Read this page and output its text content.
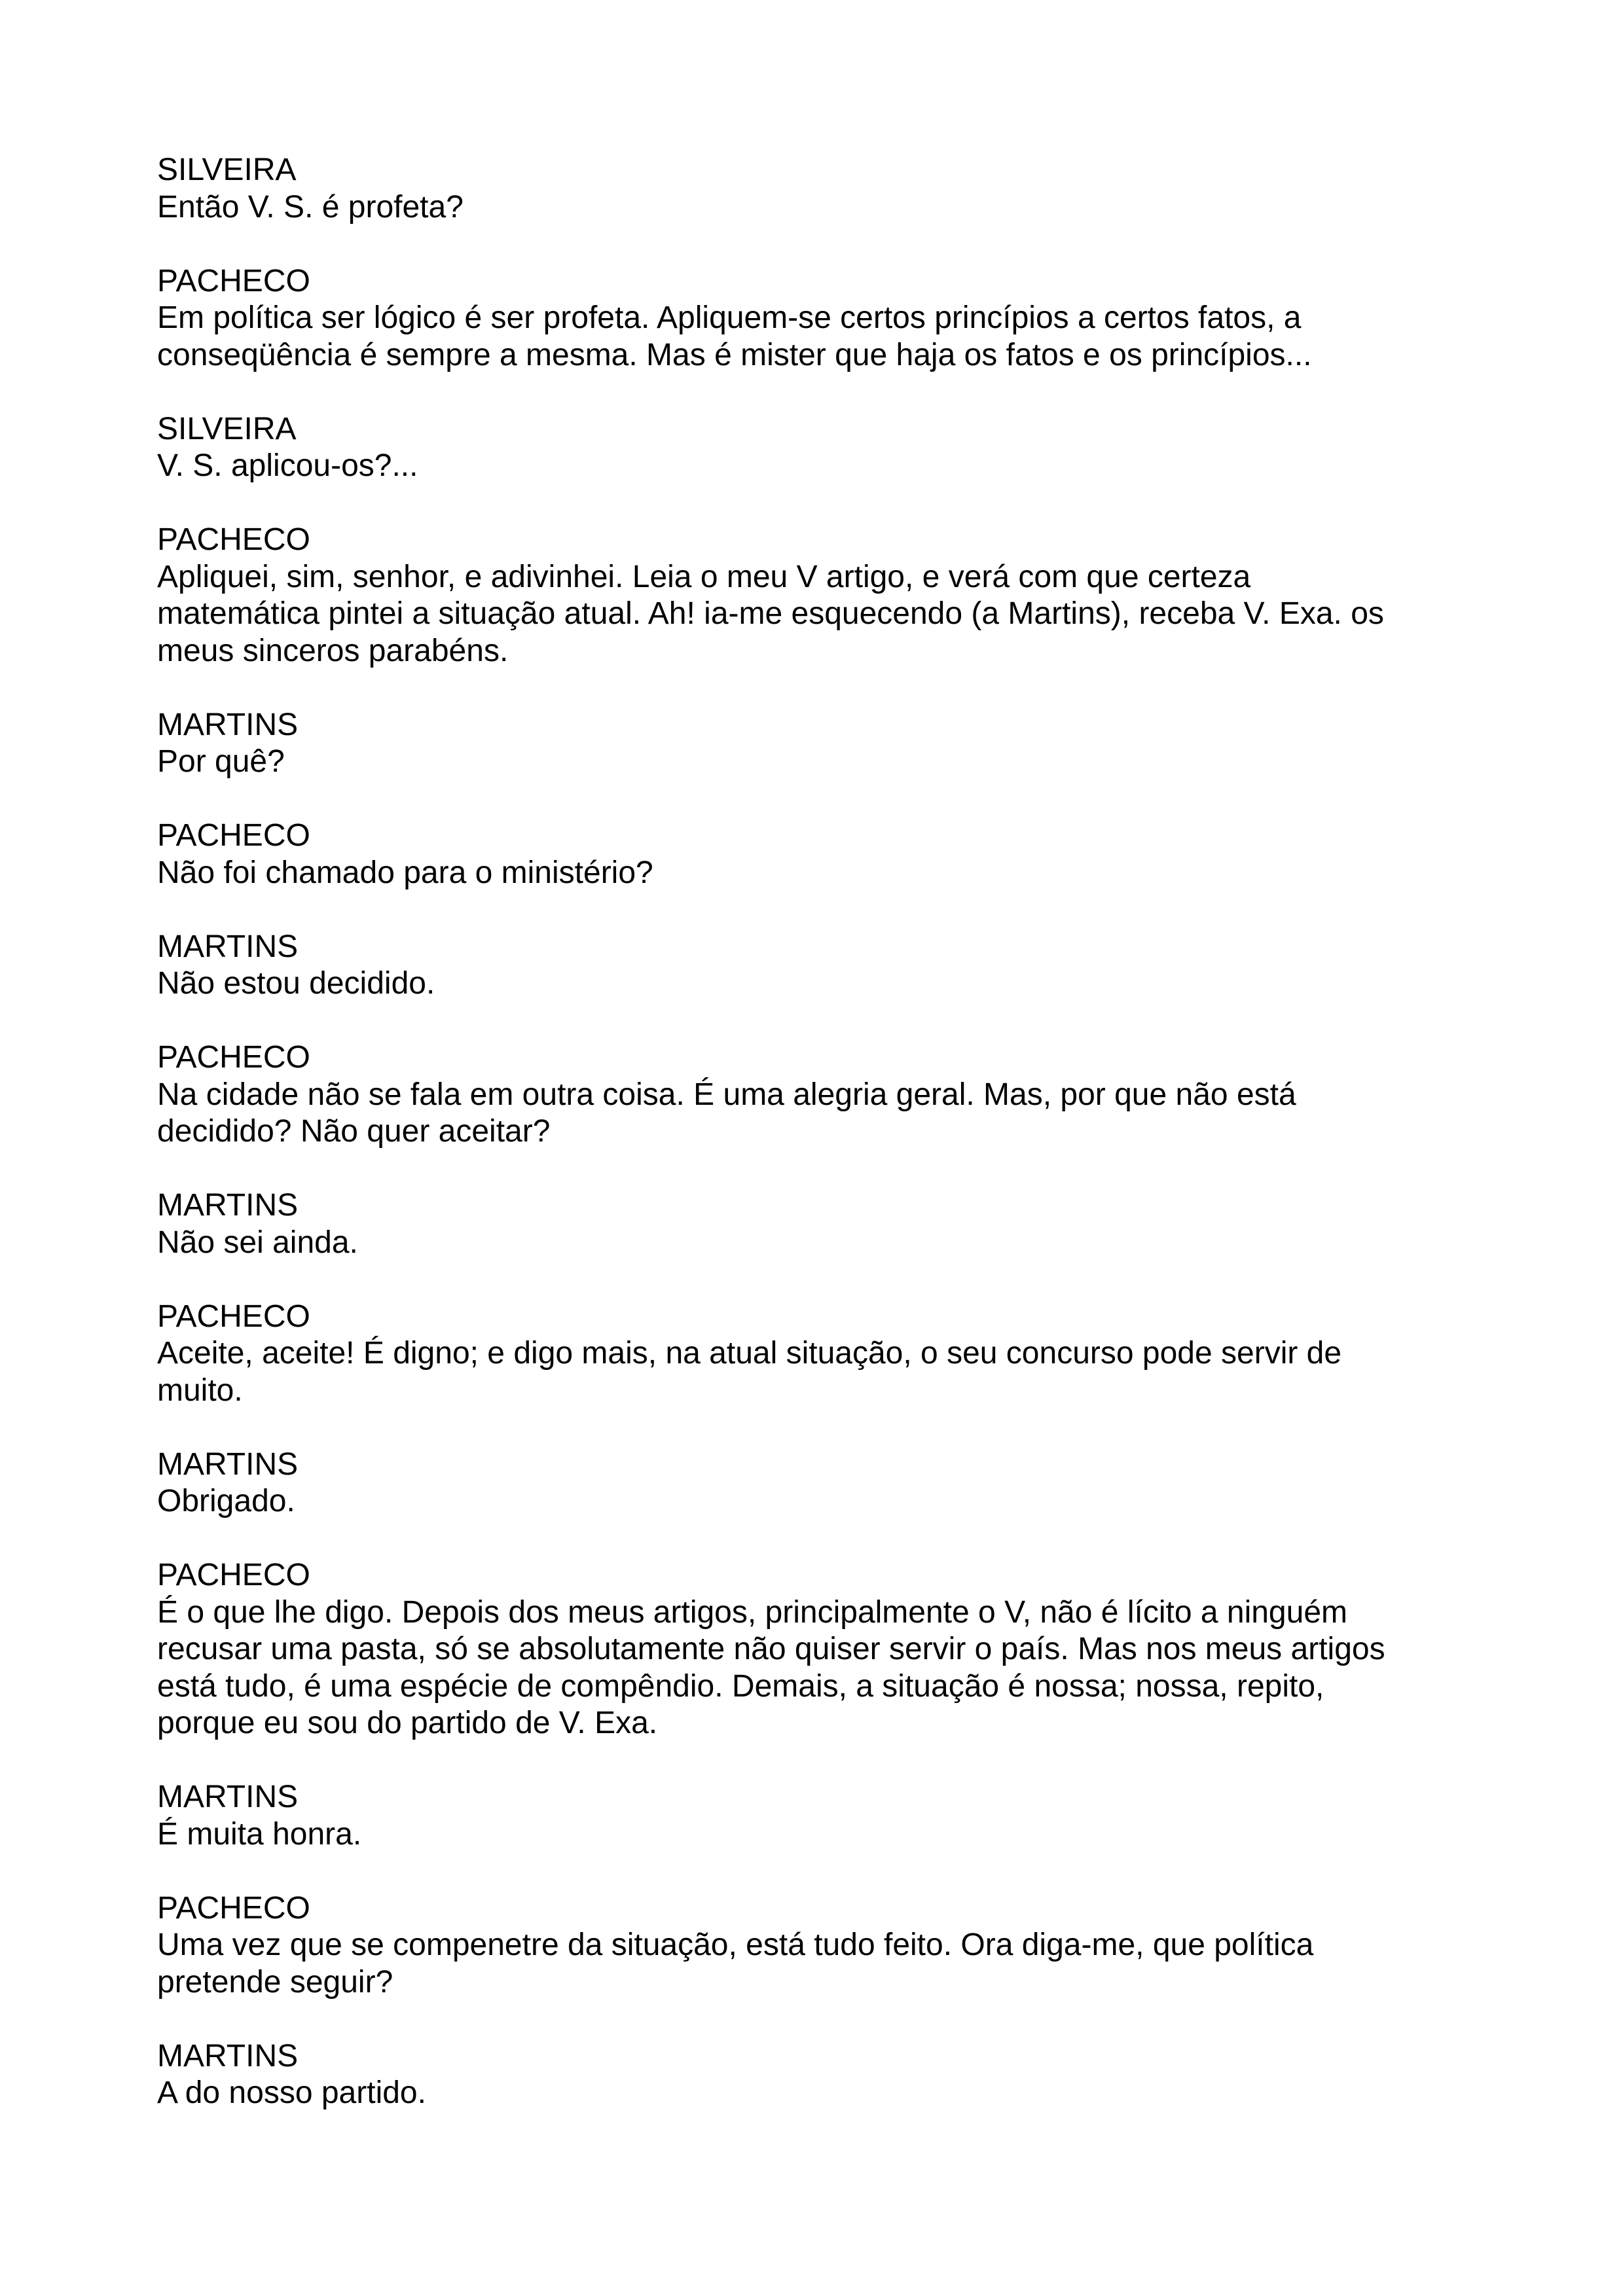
SILVEIRA
Então V. S. é profeta?
PACHECO
Em política ser lógico é ser profeta. Apliquem-se certos princípios a certos fatos, a
conseqüência é sempre a mesma. Mas é mister que haja os fatos e os princípios...
SILVEIRA
V. S. aplicou-os?...
PACHECO
Apliquei, sim, senhor, e adivinhei. Leia o meu V artigo, e verá com que certeza
matemática pintei a situação atual. Ah! ia-me esquecendo (a Martins), receba V. Exa. os
meus sinceros parabéns.
MARTINS
Por quê?
PACHECO
Não foi chamado para o ministério?
MARTINS
Não estou decidido.
PACHECO
Na cidade não se fala em outra coisa. É uma alegria geral. Mas, por que não está
decidido? Não quer aceitar?
MARTINS
Não sei ainda.
PACHECO
Aceite, aceite! É digno; e digo mais, na atual situação, o seu concurso pode servir de
muito.
MARTINS
Obrigado.
PACHECO
É o que lhe digo. Depois dos meus artigos, principalmente o V, não é lícito a ninguém
recusar uma pasta, só se absolutamente não quiser servir o país. Mas nos meus artigos
está tudo, é uma espécie de compêndio. Demais, a situação é nossa; nossa, repito,
porque eu sou do partido de V. Exa.
MARTINS
É muita honra.
PACHECO
Uma vez que se compenetre da situação, está tudo feito. Ora diga-me, que política
pretende seguir?
MARTINS
A do nosso partido.
